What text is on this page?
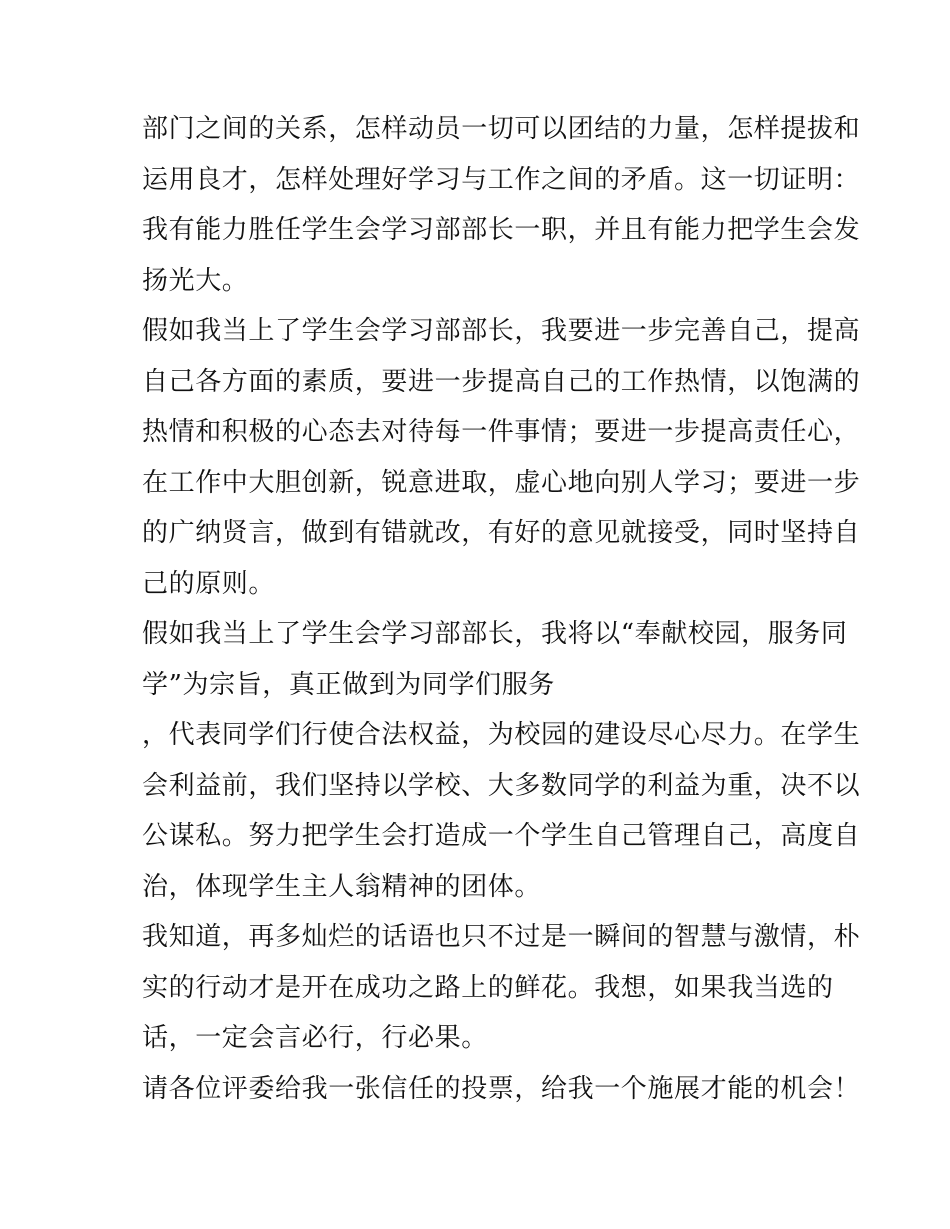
部门之间的关系，怎样动员一切可以团结的力量，怎样提拔和
运用良才，怎样处理好学习与工作之间的矛盾。这一切证明：
我有能力胜任学生会学习部部长一职，并且有能力把学生会发
扬光大。
假如我当上了学生会学习部部长，我要进一步完善自己，提高
自己各方面的素质，要进一步提高自己的工作热情，以饱满的
热情和积极的心态去对待每一件事情；要进一步提高责任心，
在工作中大胆创新，锐意进取，虚心地向别人学习；要进一步
的广纳贤言，做到有错就改，有好的意见就接受，同时坚持自
己的原则。
假如我当上了学生会学习部部长，我将以“奉献校园，服务同
学”为宗旨，真正做到为同学们服务
，代表同学们行使合法权益，为校园的建设尽心尽力。在学生
会利益前，我们坚持以学校、大多数同学的利益为重，决不以
公谋私。努力把学生会打造成一个学生自己管理自己，高度自
治，体现学生主人翁精神的团体。
我知道，再多灿烂的话语也只不过是一瞬间的智慧与激情，朴
实的行动才是开在成功之路上的鲜花。我想，如果我当选的
话，一定会言必行，行必果。
请各位评委给我一张信任的投票，给我一个施展才能的机会！
